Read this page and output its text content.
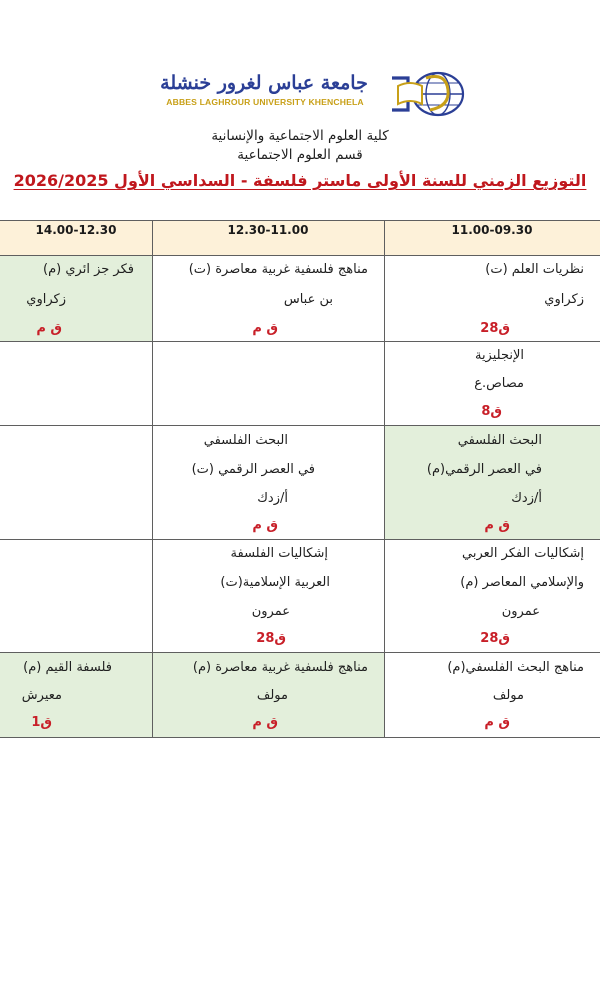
جامعة عباس لغرور خنشلة
ABBES LAGHROUR UNIVERSITY KHENCHELA
كلية العلوم الاجتماعية والإنسانية
قسم العلوم الاجتماعية
التوزيع الزمني للسنة الأولى ماستر فلسفة - السداسي الأول 2026/2025
11.00-09.30
12.30-11.00
14.00-12.30
نظريات العلم (ت)
زكراوي
ق28
مناهج فلسفية غربية معاصرة (ت)
بن عباس
ق م
فكر جز ائري (م)
زكراوي
ق م
الإنجليزية
مصاص.ع
ق8
البحث الفلسفي
في العصر الرقمي(م)
أ/زدك
ق م
البحث الفلسفي
في العصر الرقمي (ت)
أ/زدك
ق م
إشكاليات الفكر العربي
والإسلامي المعاصر (م)
عمرون
ق28
إشكاليات الفلسفة
العربية الإسلامية(ت)
عمرون
ق28
مناهج البحث الفلسفي(م)
مولف
ق م
مناهج فلسفية غربية معاصرة (م)
مولف
ق م
فلسفة القيم (م)
معيرش
ق1
